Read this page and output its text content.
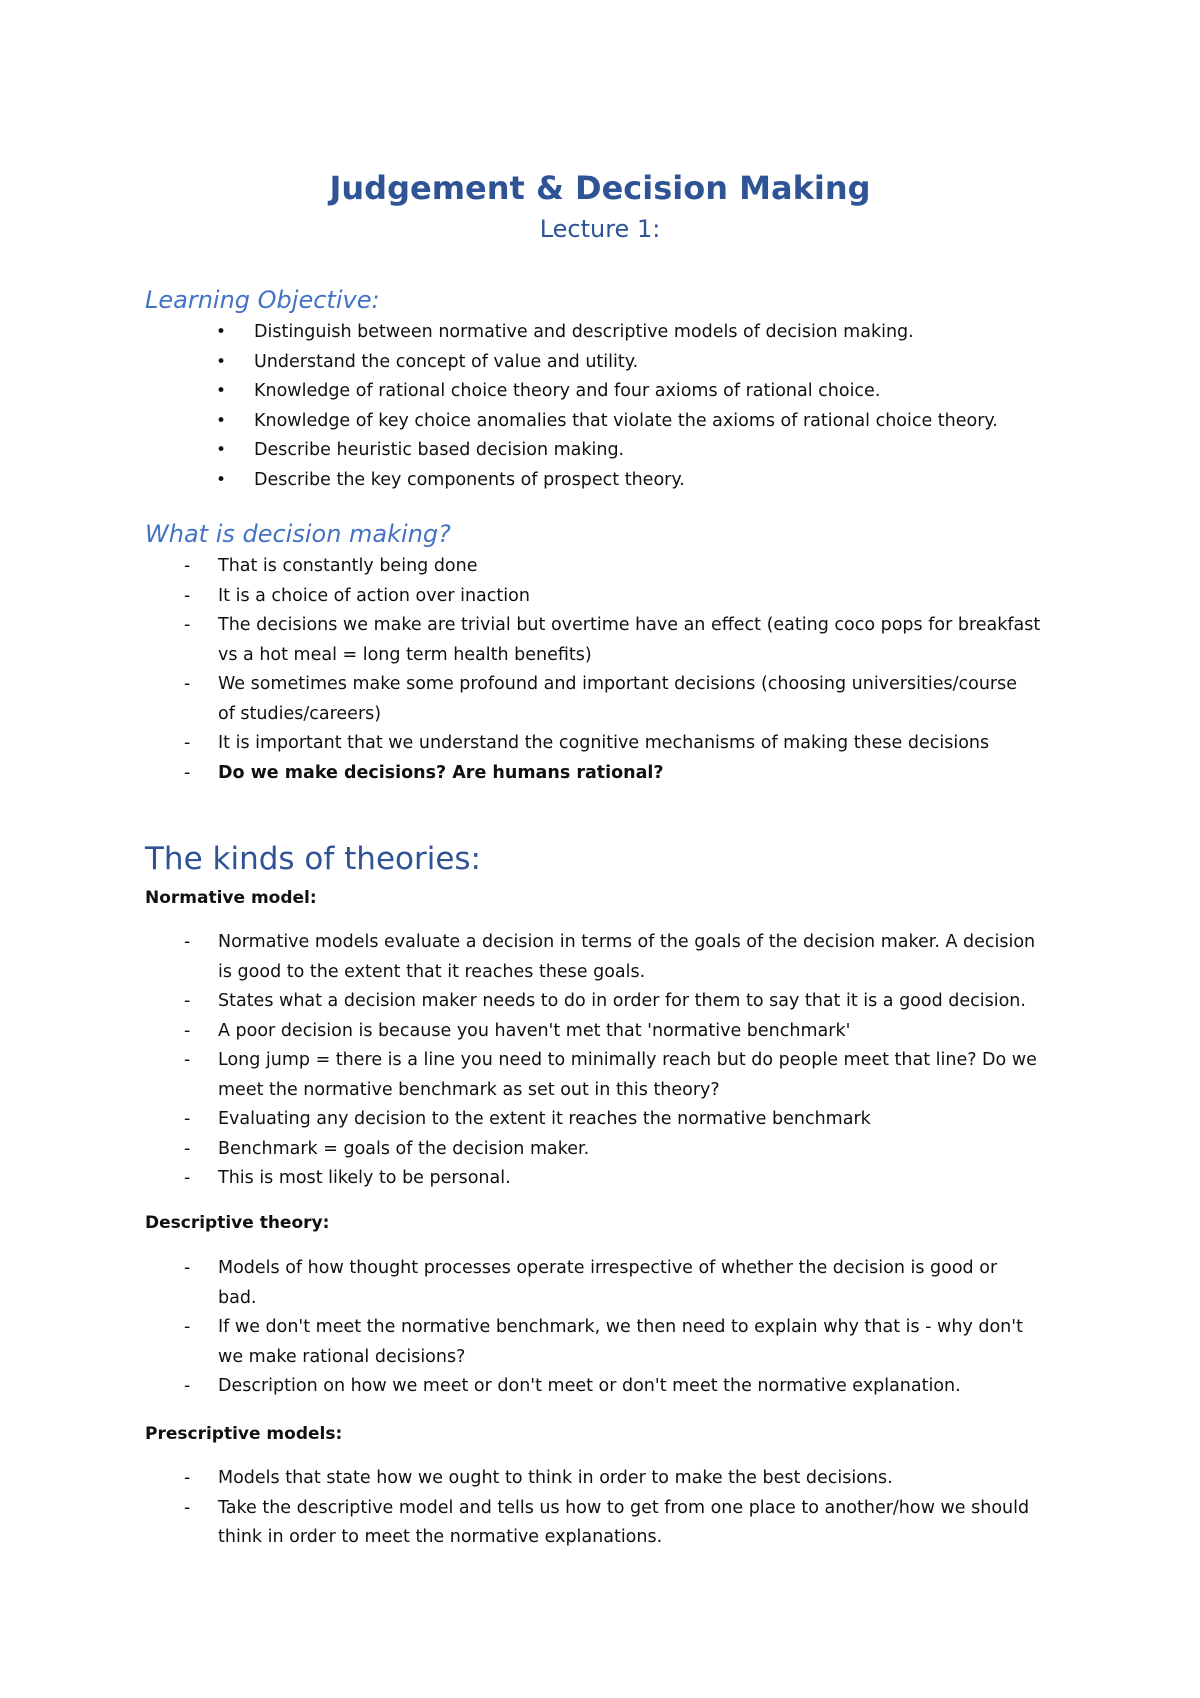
Judgement & Decision Making
Lecture 1:
Learning Objective:
• Distinguish between normative and descriptive models of decision making.
• Understand the concept of value and utility.
• Knowledge of rational choice theory and four axioms of rational choice.
• Knowledge of key choice anomalies that violate the axioms of rational choice theory.
• Describe heuristic based decision making.
• Describe the key components of prospect theory.
What is decision making?
- That is constantly being done
- It is a choice of action over inaction
- The decisions we make are trivial but overtime have an effect (eating coco pops for breakfast
vs a hot meal = long term health benefits)
- We sometimes make some profound and important decisions (choosing universities/course
of studies/careers)
- It is important that we understand the cognitive mechanisms of making these decisions
- Do we make decisions? Are humans rational?
The kinds of theories:
Normative model:
- Normative models evaluate a decision in terms of the goals of the decision maker. A decision
is good to the extent that it reaches these goals.
- States what a decision maker needs to do in order for them to say that it is a good decision.
- A poor decision is because you haven't met that 'normative benchmark'
- Long jump = there is a line you need to minimally reach but do people meet that line? Do we
meet the normative benchmark as set out in this theory?
- Evaluating any decision to the extent it reaches the normative benchmark
- Benchmark = goals of the decision maker.
- This is most likely to be personal.
Descriptive theory:
- Models of how thought processes operate irrespective of whether the decision is good or
bad.
- If we don't meet the normative benchmark, we then need to explain why that is - why don't
we make rational decisions?
- Description on how we meet or don't meet or don't meet the normative explanation.
Prescriptive models:
- Models that state how we ought to think in order to make the best decisions.
- Take the descriptive model and tells us how to get from one place to another/how we should
think in order to meet the normative explanations.
